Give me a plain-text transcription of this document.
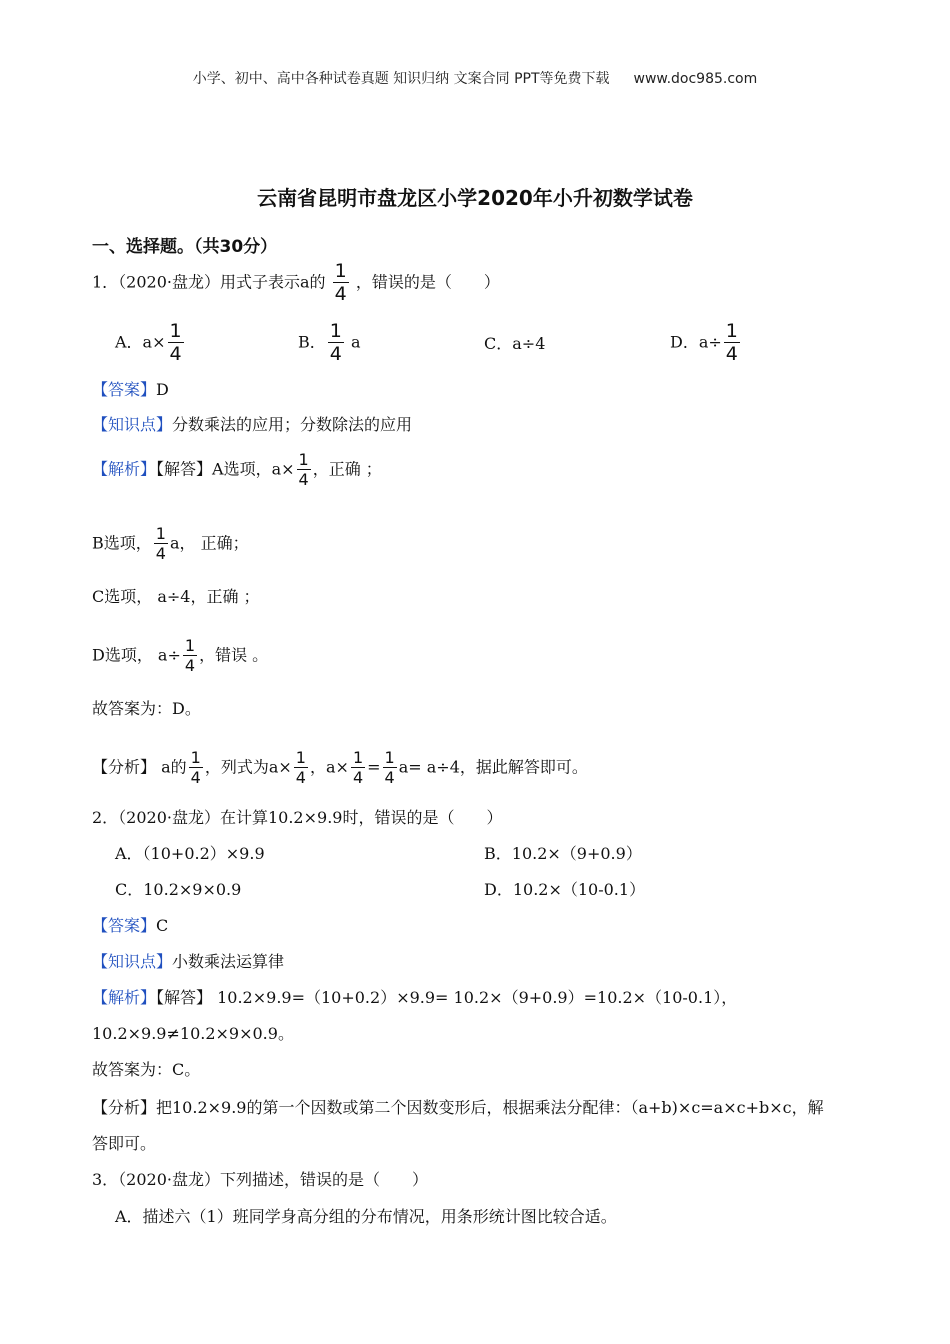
小学、初中、高中各种试卷真题 知识归纳 文案合同 PPT等免费下载 www.doc985.com
云南省昆明市盘龙区小学2020年小升初数学试卷
一、选择题。（共30分）
1．（2020·盘龙）用式子表示a的 $\frac{1}{4}$ ，错误的是（　　）
A．$a\times \frac{1}{4}$	B． $\frac{1}{4}$ a	C．a÷4	D．$a\div \frac{1}{4}$
【答案】D
【知识点】分数乘法的应用；分数除法的应用
【解析】【解答】A选项，$a\times \frac{1}{4}$ ，正确 ；
B选项， $\frac{1}{4}$ a， 正确；
C选项， a÷4，正确 ；
D选项， $a\div \frac{1}{4}$ ，错误 。
故答案为：D。
【分析】 a的 $\frac{1}{4}$ ，列式为$a\times \frac{1}{4}$ ，$a\times \frac{1}{4} = \frac{1}{4} a= a\div 4$，据此解答即可。
2．（2020·盘龙）在计算10.2×9.9时，错误的是（　　）
A．（10+0.2）×9.9	B．10.2×（9+0.9）
C．10.2×9×0.9	D．10.2×（10-0.1）
【答案】C
【知识点】小数乘法运算律
【解析】【解答】 10.2×9.9=（10+0.2）×9.9= 10.2×（9+0.9）=10.2×（10-0.1），
10.2×9.9≠10.2×9×0.9。
故答案为：C。
【分析】把10.2×9.9的第一个因数或第二个因数变形后，根据乘法分配律：（a+b)×c=a×c+b×c，解
答即可。
3．（2020·盘龙）下列描述，错误的是（　　）
A．描述六（1）班同学身高分组的分布情况，用条形统计图比较合适。
